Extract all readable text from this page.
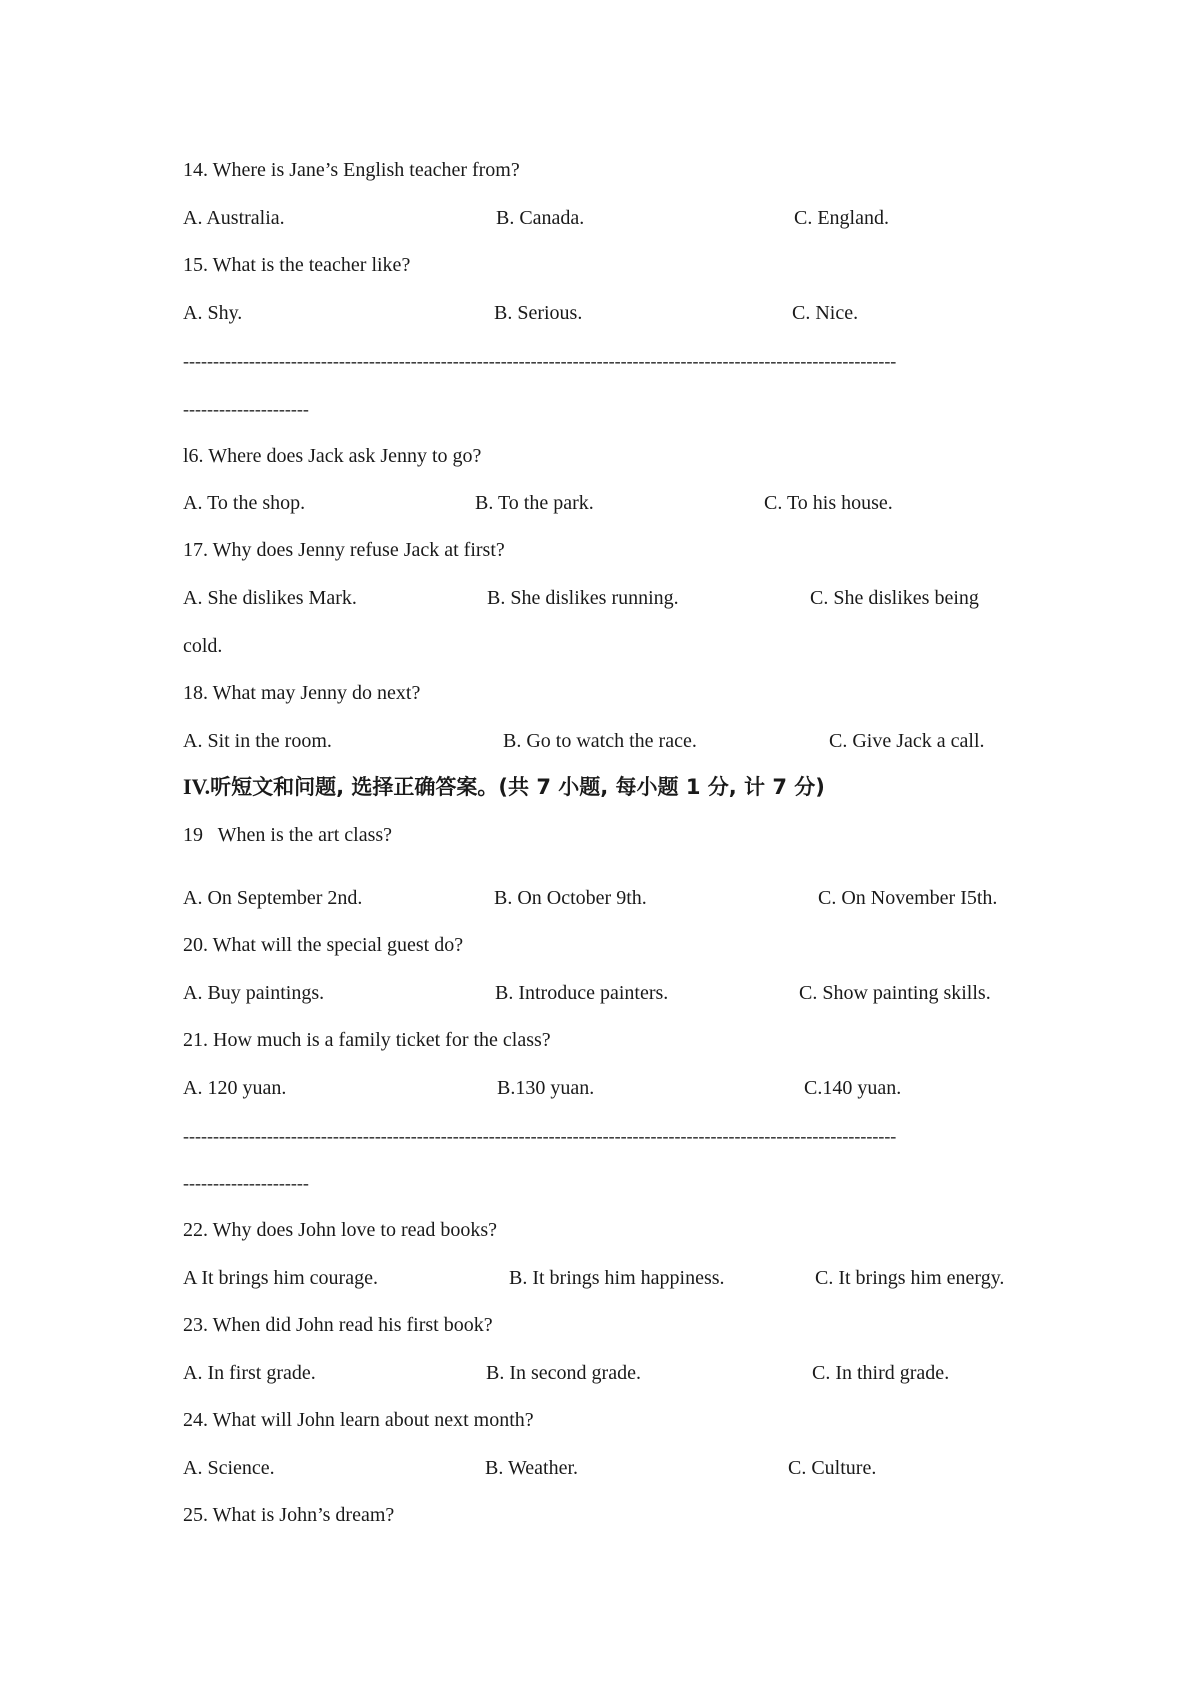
14. Where is Jane’s English teacher from?
A. Australia.	B. Canada.	C. England.
15. What is the teacher like?
A. Shy.	B. Serious.	C. Nice.
-----------------------------------------------------------------------------------------------------------------------
---------------------
l6. Where does Jack ask Jenny to go?
A. To the shop.	B. To the park.	C. To his house.
17. Why does Jenny refuse Jack at first?
A. She dislikes Mark.	B. She dislikes running.	C. She dislikes being
cold.
18. What may Jenny do next?
A. Sit in the room.	B. Go to watch the race.	C. Give Jack a call.
IV.听短文和问题, 选择正确答案。(共 7 小题, 每小题 1 分, 计 7 分)
19   When is the art class?
A. On September 2nd.	B. On October 9th.	C. On November I5th.
20. What will the special guest do?
A. Buy paintings.	B. Introduce painters.	C. Show painting skills.
21. How much is a family ticket for the class?
A. 120 yuan.	B.130 yuan.	C.140 yuan.
-----------------------------------------------------------------------------------------------------------------------
---------------------
22. Why does John love to read books?
A It brings him courage.	B. It brings him happiness.	C. It brings him energy.
23. When did John read his first book?
A. In first grade.	B. In second grade.	C. In third grade.
24. What will John learn about next month?
A. Science.	B. Weather.	C. Culture.
25. What is John’s dream?
